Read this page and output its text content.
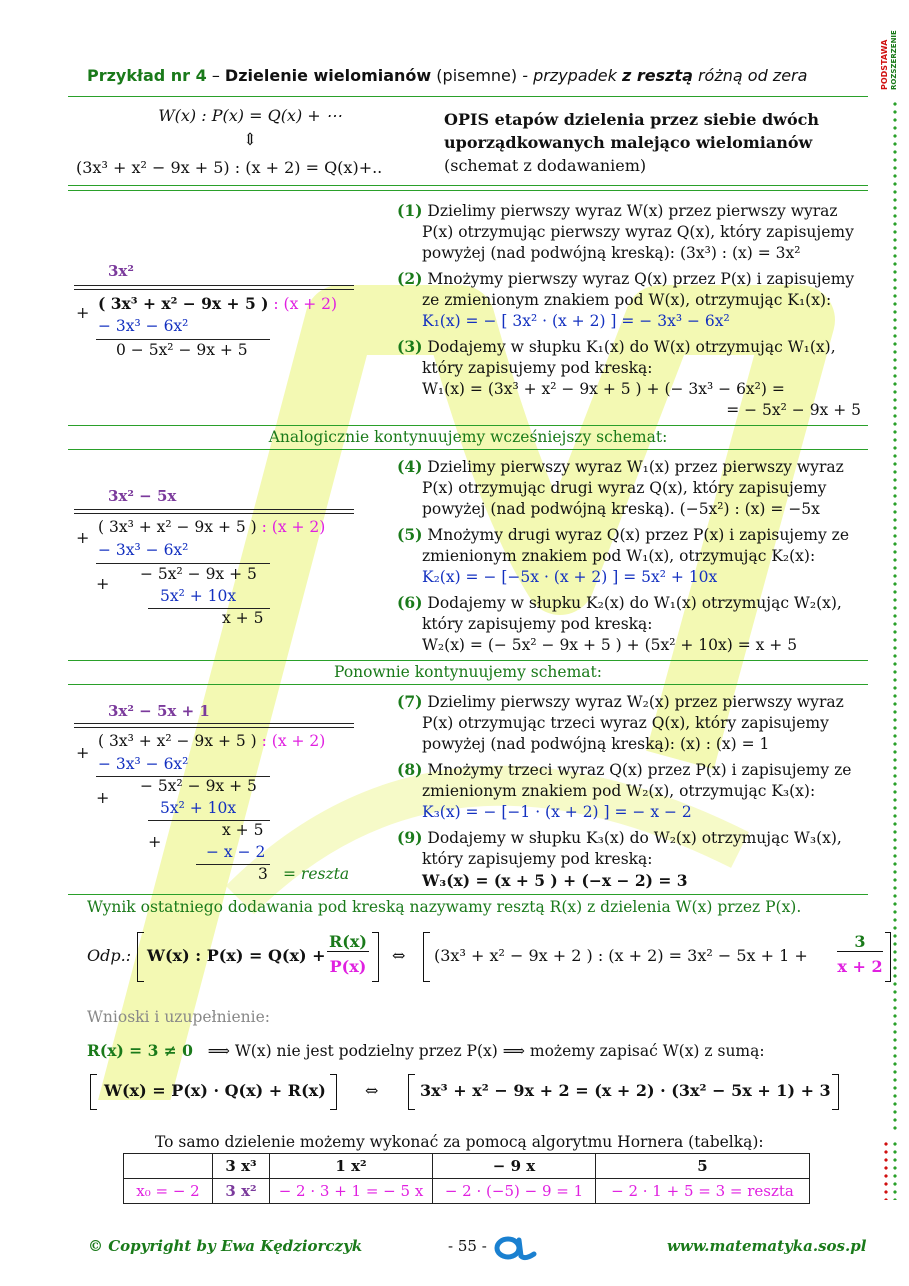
PODSTAWA ROZSZERZENIE
Przykład nr 4 – Dzielenie wielomianów (pisemne) - przypadek z resztą różną od zera
W(x) : P(x) = Q(x) + ⋯
⇕
(3x³ + x² − 9x + 5) : (x + 2) = Q(x)+..
OPIS etapów dzielenia przez siebie dwóch
uporządkowanych malejąco wielomianów
(schemat z dodawaniem)
3x²
+ ( 3x³ + x² − 9x + 5 ) : (x + 2)
− 3x³ − 6x²
0 − 5x² − 9x + 5
(1) Dzielimy pierwszy wyraz W(x) przez pierwszy wyraz
P(x) otrzymując pierwszy wyraz Q(x), który zapisujemy
powyżej (nad podwójną kreską): (3x³) : (x) = 3x²
(2) Mnożymy pierwszy wyraz Q(x) przez P(x) i zapisujemy
ze zmienionym znakiem pod W(x), otrzymując K₁(x):
K₁(x) = − [ 3x² · (x + 2) ] = − 3x³ − 6x²
(3) Dodajemy w słupku K₁(x) do W(x) otrzymując W₁(x),
który zapisujemy pod kreską:
W₁(x) = (3x³ + x² − 9x + 5 ) + (− 3x³ − 6x²) =

= − 5x² − 9x + 5
Analogicznie kontynuujemy wcześniejszy schemat:
3x² − 5x
+
( 3x³ + x² − 9x + 5 ) : (x + 2)
− 3x³ − 6x²
+ − 5x² − 9x + 5
5x² + 10x
x + 5
(4) Dzielimy pierwszy wyraz W₁(x) przez pierwszy wyraz
P(x) otrzymując drugi wyraz Q(x), który zapisujemy
powyżej (nad podwójną kreską). (−5x²) : (x) = −5x
(5) Mnożymy drugi wyraz Q(x) przez P(x) i zapisujemy ze
zmienionym znakiem pod W₁(x), otrzymując K₂(x):
K₂(x) = − [−5x · (x + 2) ] = 5x² + 10x
(6) Dodajemy w słupku K₂(x) do W₁(x) otrzymując W₂(x),
który zapisujemy pod kreską:
W₂(x) = (− 5x² − 9x + 5 ) + (5x² + 10x) = x + 5
Ponownie kontynuujemy schemat:
3x² − 5x + 1
+
( 3x³ + x² − 9x + 5 ) : (x + 2)
− 3x³ − 6x²
+
− 5x² − 9x + 5
5x² + 10x
+
x + 5
− x − 2
3 = reszta
(7) Dzielimy pierwszy wyraz W₂(x) przez pierwszy wyraz
P(x) otrzymując trzeci wyraz Q(x), który zapisujemy
powyżej (nad podwójną kreską): (x) : (x) = 1
(8) Mnożymy trzeci wyraz Q(x) przez P(x) i zapisujemy ze
zmienionym znakiem pod W₂(x), otrzymując K₃(x):
K₃(x) = − [−1 · (x + 2) ] = − x − 2
(9) Dodajemy w słupku K₃(x) do W₂(x) otrzymując W₃(x),
który zapisujemy pod kreską:
W₃(x) = (x + 5 ) + (−x − 2) = 3
Wynik ostatniego dodawania pod kreską nazywamy resztą R(x) z dzielenia W(x) przez P(x).
Odp.: W(x) : P(x) = Q(x) +
R(x)
P(x)
⇔ (3x³ + x² − 9x + 2 ) : (x + 2) = 3x² − 5x + 1 +
3
x + 2
Wnioski i uzupełnienie:
R(x) = 3 ≠ 0 ⟹ W(x) nie jest podzielny przez P(x) ⟹ możemy zapisać W(x) z sumą:
W(x) = P(x) · Q(x) + R(x) ⇔	3x³ + x² − 9x + 2 = (x + 2) · (3x² − 5x + 1) + 3
To samo dzielenie możemy wykonać za pomocą algorytmu Hornera (tabelką):
	3 x³	1 x²	− 9 x	5
x₀ = − 2	3 x²	− 2 · 3 + 1 = − 5 x	− 2 · (−5) − 9 = 1	− 2 · 1 + 5 = 3 = reszta
© Copyright by Ewa Kędziorczyk	- 55 -	www.matematyka.sos.pl
